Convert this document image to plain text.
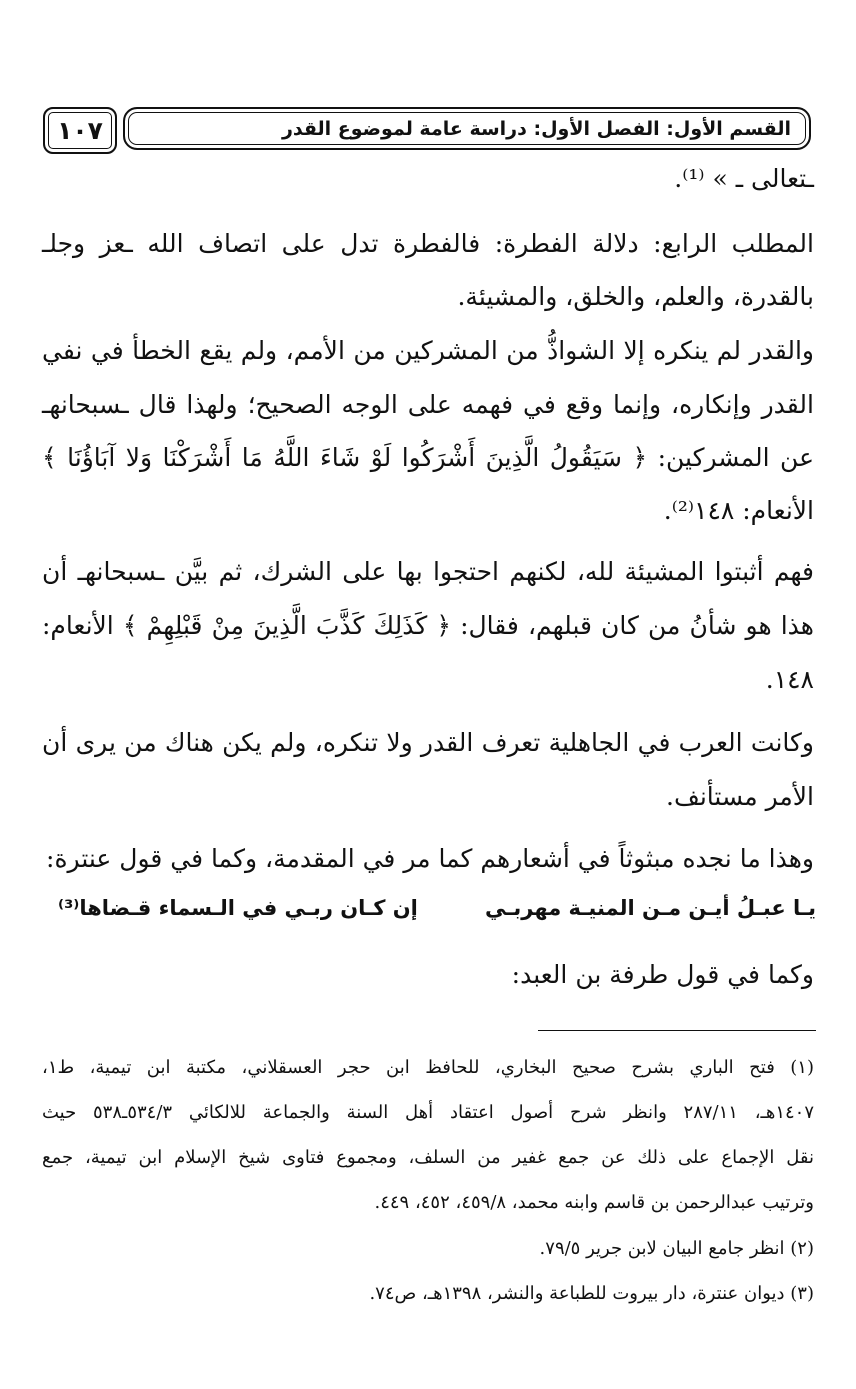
١٠٧	القسم الأول: الفصل الأول: دراسة عامة لموضوع القدر
ـتعالى ـ » ⁽¹⁾.
المطلب الرابع: دلالة الفطرة: فالفطرة تدل على اتصاف الله ـعز وجلـ
بالقدرة، والعلم، والخلق، والمشيئة.
والقدر لم ينكره إلا الشواذُّ من المشركين من الأمم، ولم يقع الخطأ في نفي
القدر وإنكاره، وإنما وقع في فهمه على الوجه الصحيح؛ ولهذا قال ـسبحانهـ
عن المشركين: ﴿ سَيَقُولُ الَّذِينَ أَشْرَكُوا لَوْ شَاءَ اللَّهُ مَا أَشْرَكْنَا وَلا آبَاؤُنَا ﴾
الأنعام: ١٤٨⁽²⁾.
فهم أثبتوا المشيئة لله، لكنهم احتجوا بها على الشرك، ثم بيَّن ـسبحانهـ أن
هذا هو شأنُ من كان قبلهم، فقال: ﴿ كَذَلِكَ كَذَّبَ الَّذِينَ مِنْ قَبْلِهِمْ ﴾ الأنعام:
١٤٨.
وكانت العرب في الجاهلية تعرف القدر ولا تنكره، ولم يكن هناك من يرى أن
الأمر مستأنف.
وهذا ما نجده مبثوثاً في أشعارهم كما مر في المقدمة، وكما في قول عنترة:
يـا عبـلُ أيـن مـن المنيـة مهربـي
إن كـان ربـي في الـسماء قـضاها⁽³⁾
وكما في قول طرفة بن العبد:
(١) فتح الباري بشرح صحيح البخاري، للحافظ ابن حجر العسقلاني، مكتبة ابن تيمية، ط١،
١٤٠٧هـ، ٢٨٧/١١ وانظر شرح أصول اعتقاد أهل السنة والجماعة للالكائي ٥٣٤/٣ـ٥٣٨ حيث
نقل الإجماع على ذلك عن جمع غفير من السلف، ومجموع فتاوى شيخ الإسلام ابن تيمية، جمع
وترتيب عبدالرحمن بن قاسم وابنه محمد، ٤٥٩/٨، ٤٥٢، ٤٤٩.
(٢) انظر جامع البيان لابن جرير ٧٩/٥.
(٣) ديوان عنترة، دار بيروت للطباعة والنشر، ١٣٩٨هـ، ص٧٤.
